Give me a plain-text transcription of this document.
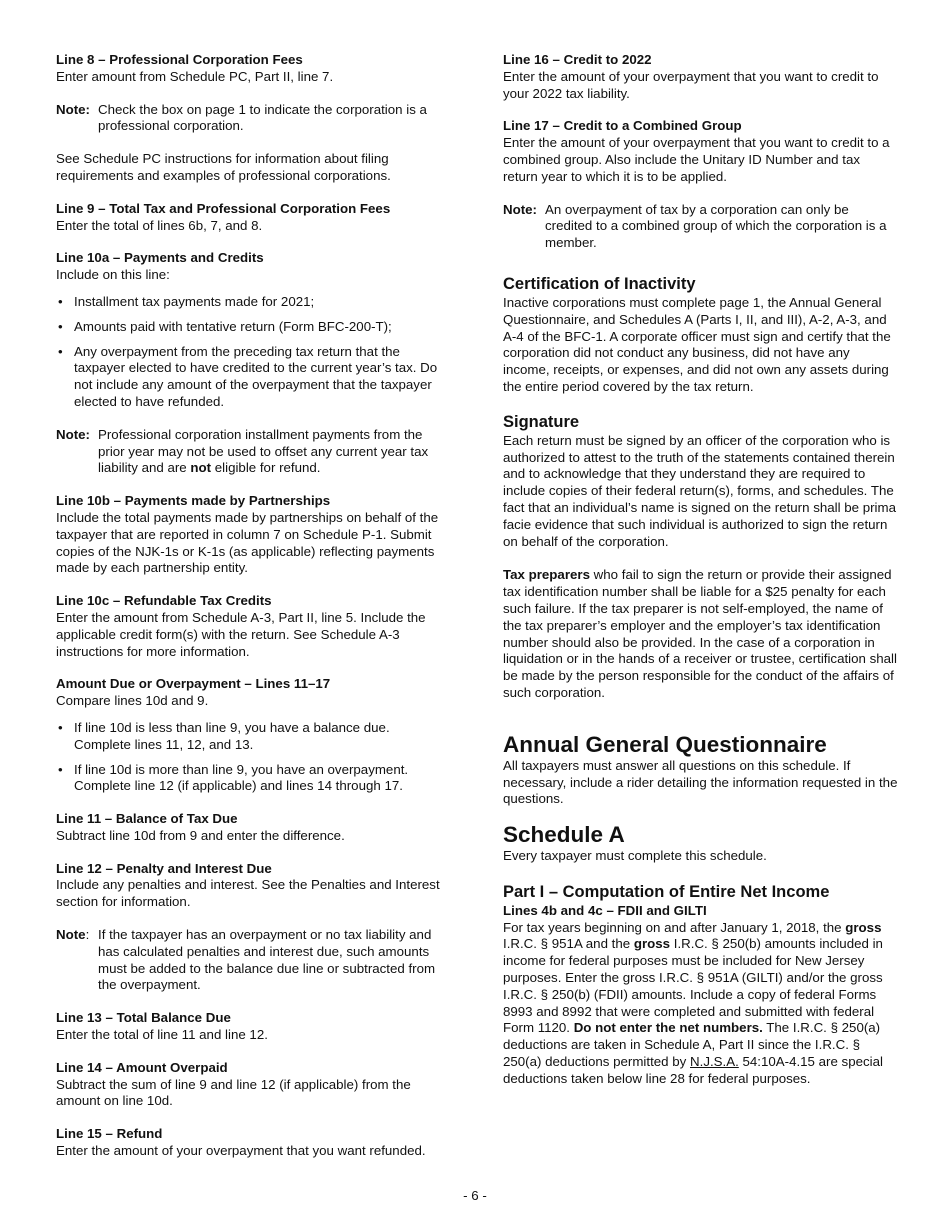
Line 8 – Professional Corporation Fees

Enter amount from Schedule PC, Part II, line 7.

Note: Check the box on page 1 to indicate the corporation is a professional corporation.

See Schedule PC instructions for information about filing requirements and examples of professional corporations.

Line 9 – Total Tax and Professional Corporation Fees

Enter the total of lines 6b, 7, and 8.

Line 10a – Payments and Credits

Include on this line:

• Installment tax payments made for 2021;
• Amounts paid with tentative return (Form BFC-200-T);
• Any overpayment from the preceding tax return that the taxpayer elected to have credited to the current year’s tax. Do not include any amount of the overpayment that the taxpayer elected to have refunded.
Note: Professional corporation installment payments from the prior year may not be used to offset any current year tax liability and are not eligible for refund.

Line 10b – Payments made by Partnerships

Include the total payments made by partnerships on behalf of the taxpayer that are reported in column 7 on Schedule P-1. Submit copies of the NJK-1s or K-1s (as applicable) reflecting payments made by each partnership entity.

Line 10c – Refundable Tax Credits

Enter the amount from Schedule A-3, Part II, line 5. Include the applicable credit form(s) with the return. See Schedule A-3 instructions for more information.

Amount Due or Overpayment – Lines 11–17

Compare lines 10d and 9.

• If line 10d is less than line 9, you have a balance due. Complete lines 11, 12, and 13.
• If line 10d is more than line 9, you have an overpayment. Complete line 12 (if applicable) and lines 14 through 17.

Line 11 – Balance of Tax Due

Subtract line 10d from 9 and enter the difference.

Line 12 – Penalty and Interest Due

Include any penalties and interest. See the Penalties and Interest section for information.

Note: If the taxpayer has an overpayment or no tax liability and has calculated penalties and interest due, such amounts must be added to the balance due line or subtracted from the overpayment.

Line 13 – Total Balance Due

Enter the total of line 11 and line 12.

Line 14 – Amount Overpaid

Subtract the sum of line 9 and line 12 (if applicable) from the amount on line 10d.

Line 15 – Refund

Enter the amount of your overpayment that you want refunded.

Line 16 – Credit to 2022

Enter the amount of your overpayment that you want to credit to your 2022 tax liability.

Line 17 – Credit to a Combined Group

Enter the amount of your overpayment that you want to credit to a combined group. Also include the Unitary ID Number and tax return year to which it is to be applied.

Note: An overpayment of tax by a corporation can only be credited to a combined group of which the corporation is a member.

Certification of Inactivity

Inactive corporations must complete page 1, the Annual General Questionnaire, and Schedules A (Parts I, II, and III), A-2, A-3, and A-4 of the BFC-1. A corporate officer must sign and certify that the corporation did not conduct any business, did not have any income, receipts, or expenses, and did not own any assets during the entire period covered by the tax return.

Signature

Each return must be signed by an officer of the corporation who is authorized to attest to the truth of the statements contained therein and to acknowledge that they understand they are required to include copies of their federal return(s), forms, and schedules. The fact that an individual’s name is signed on the return shall be prima facie evidence that such individual is authorized to sign the return on behalf of the corporation.

Tax preparers who fail to sign the return or provide their assigned tax identification number shall be liable for a $25 penalty for each such failure. If the tax preparer is not self-employed, the name of the tax preparer’s employer and the employer’s tax identification number should also be provided. In the case of a corporation in liquidation or in the hands of a receiver or trustee, certification shall be made by the person responsible for the conduct of the affairs of such corporation.

Annual General Questionnaire

All taxpayers must answer all questions on this schedule. If necessary, include a rider detailing the information requested in the questions.

Schedule A

Every taxpayer must complete this schedule.

Part I – Computation of Entire Net Income

Lines 4b and 4c – FDII and GILTI

For tax years beginning on and after January 1, 2018, the gross I.R.C. § 951A and the gross I.R.C. § 250(b) amounts included in income for federal purposes must be included for New Jersey purposes. Enter the gross I.R.C. § 951A (GILTI) and/or the gross I.R.C. § 250(b) (FDII) amounts. Include a copy of federal Forms 8993 and 8992 that were completed and submitted with federal Form 1120. Do not enter the net numbers. The I.R.C. § 250(a) deductions are taken in Schedule A, Part II since the I.R.C. § 250(a) deductions permitted by N.J.S.A. 54:10A-4.15 are special deductions taken below line 28 for federal purposes.

- 6 -
